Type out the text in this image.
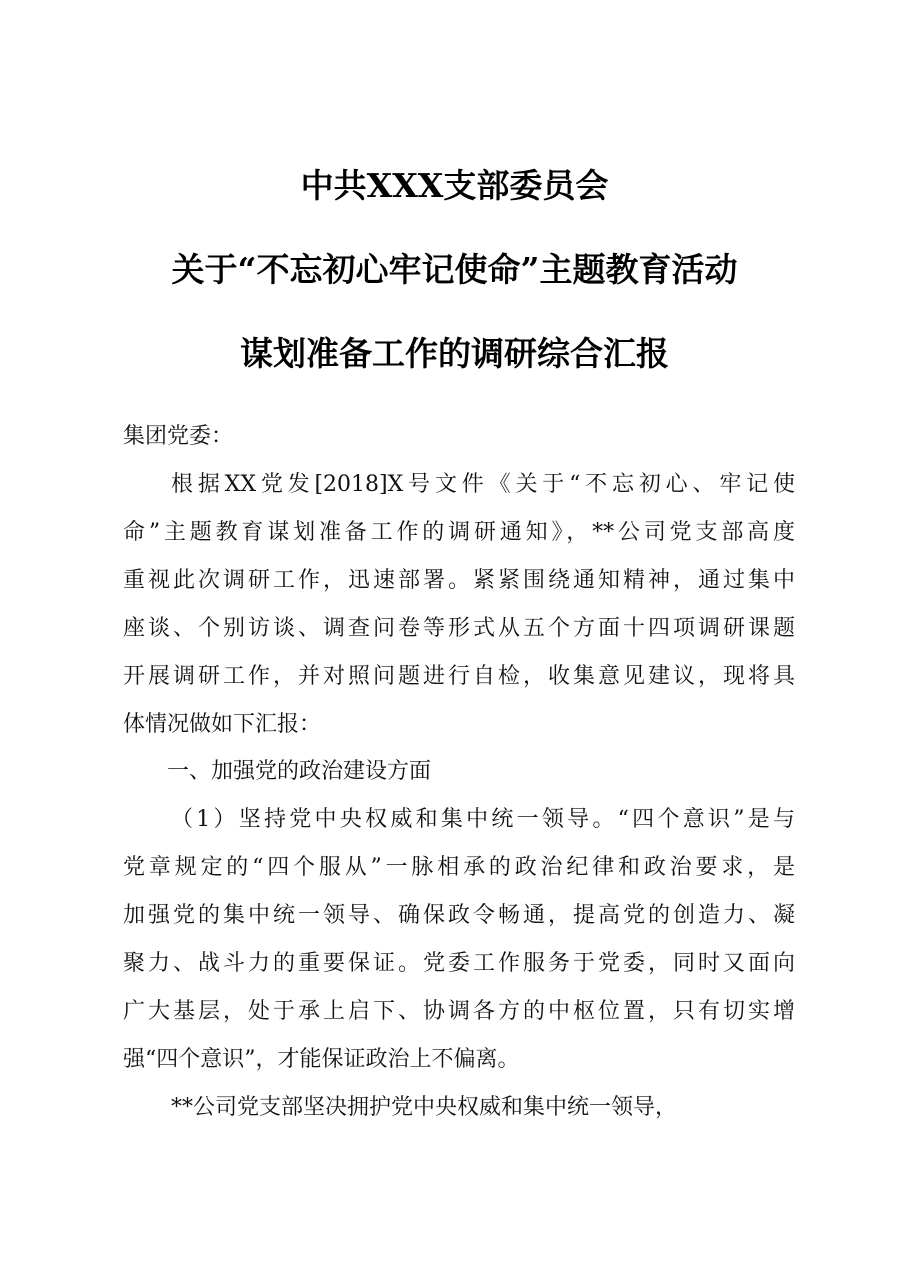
中共XXX支部委员会
关于“不忘初心牢记使命”主题教育活动
谋划准备工作的调研综合汇报
集团党委：
根据XX党发[2018]X号文件《关于“不忘初心、牢记使
命”主题教育谋划准备工作的调研通知》，**公司党支部高度
重视此次调研工作，迅速部署。紧紧围绕通知精神，通过集中
座谈、个别访谈、调查问卷等形式从五个方面十四项调研课题
开展调研工作，并对照问题进行自检，收集意见建议，现将具
体情况做如下汇报：
一、加强党的政治建设方面
（1）坚持党中央权威和集中统一领导。“四个意识”是与
党章规定的“四个服从”一脉相承的政治纪律和政治要求，是
加强党的集中统一领导、确保政令畅通，提高党的创造力、凝
聚力、战斗力的重要保证。党委工作服务于党委，同时又面向
广大基层，处于承上启下、协调各方的中枢位置，只有切实增
强“四个意识”，才能保证政治上不偏离。
**公司党支部坚决拥护党中央权威和集中统一领导，
